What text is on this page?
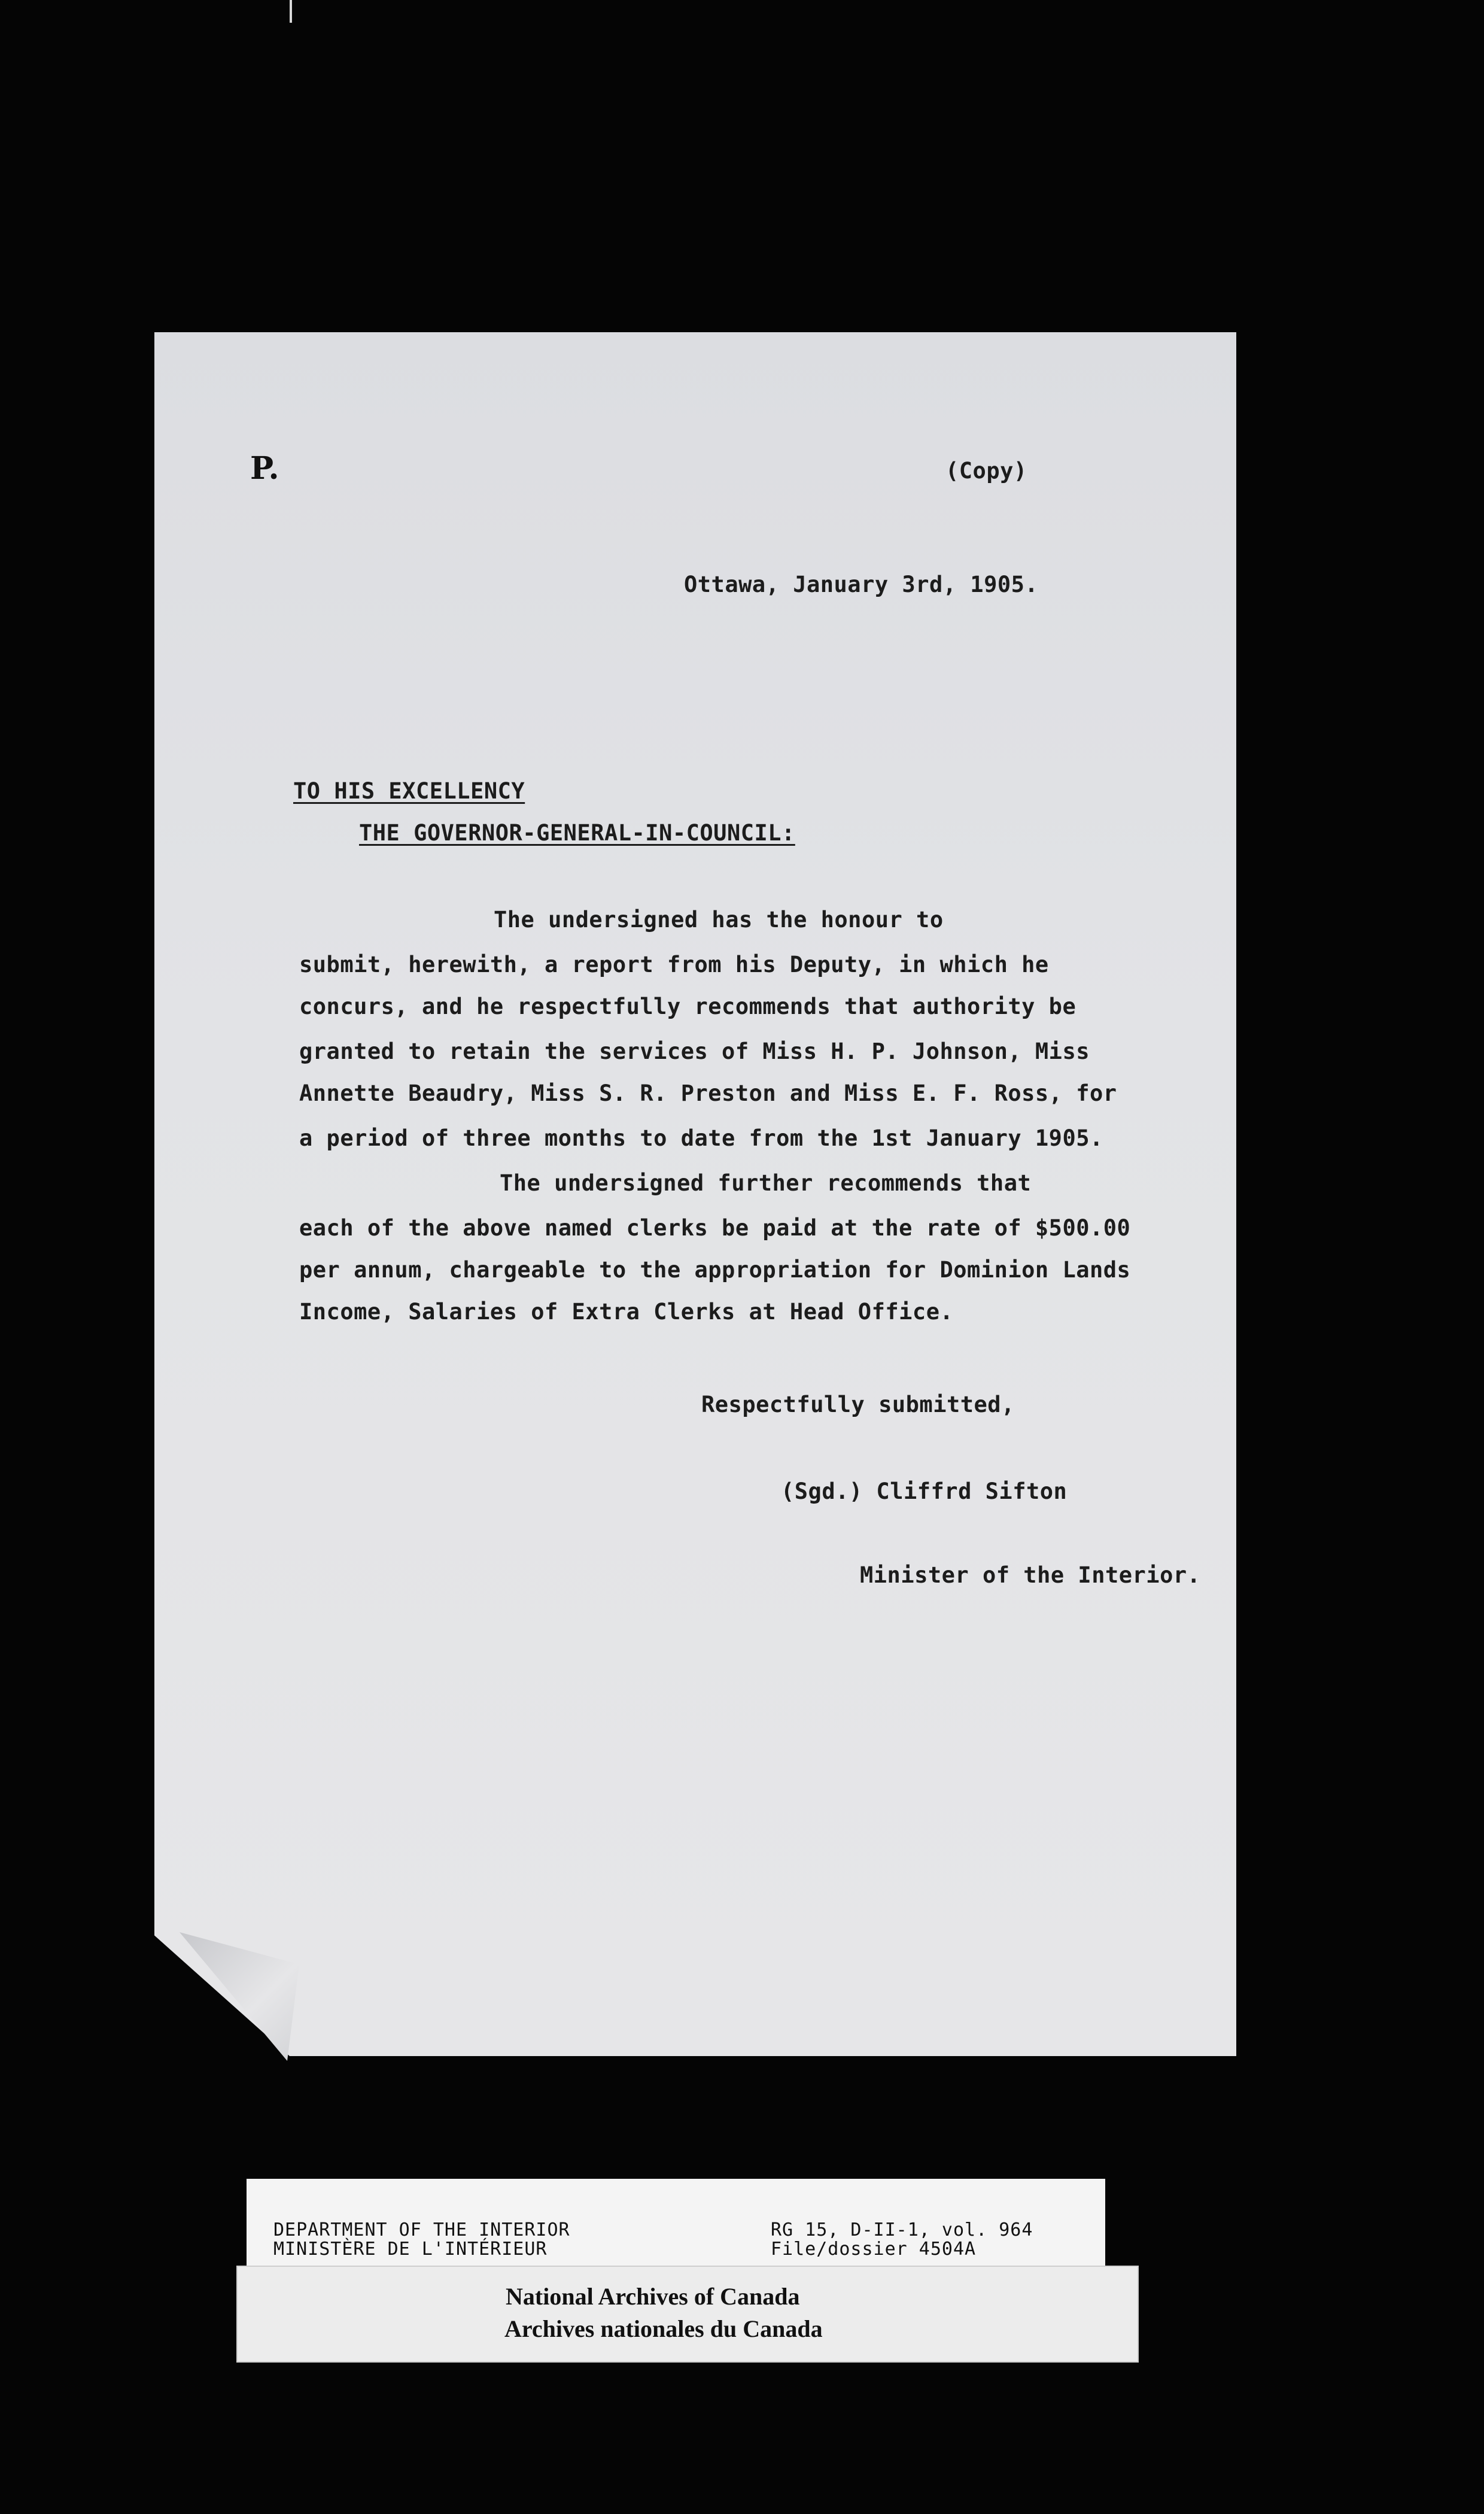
P.	(Copy)
Ottawa, January 3rd, 1905.
TO HIS EXCELLENCY
THE GOVERNOR-GENERAL-IN-COUNCIL:
The undersigned has the honour to
submit, herewith, a report from his Deputy, in which he
concurs, and he respectfully recommends that authority be
granted to retain the services of Miss H. P. Johnson, Miss
Annette Beaudry, Miss S. R. Preston and Miss E. F. Ross, for
a period of three months to date from the 1st January 1905.
The undersigned further recommends that
each of the above named clerks be paid at the rate of $500.00
per annum, chargeable to the appropriation for Dominion Lands
Income, Salaries of Extra Clerks at Head Office.
Respectfully submitted,
(Sgd.) Cliffrd Sifton
Minister of the Interior.
DEPARTMENT OF THE INTERIOR
MINISTÈRE DE L'INTÉRIEUR
RG 15, D-II-1, vol. 964
File/dossier 4504A
National Archives of Canada
Archives nationales du Canada
